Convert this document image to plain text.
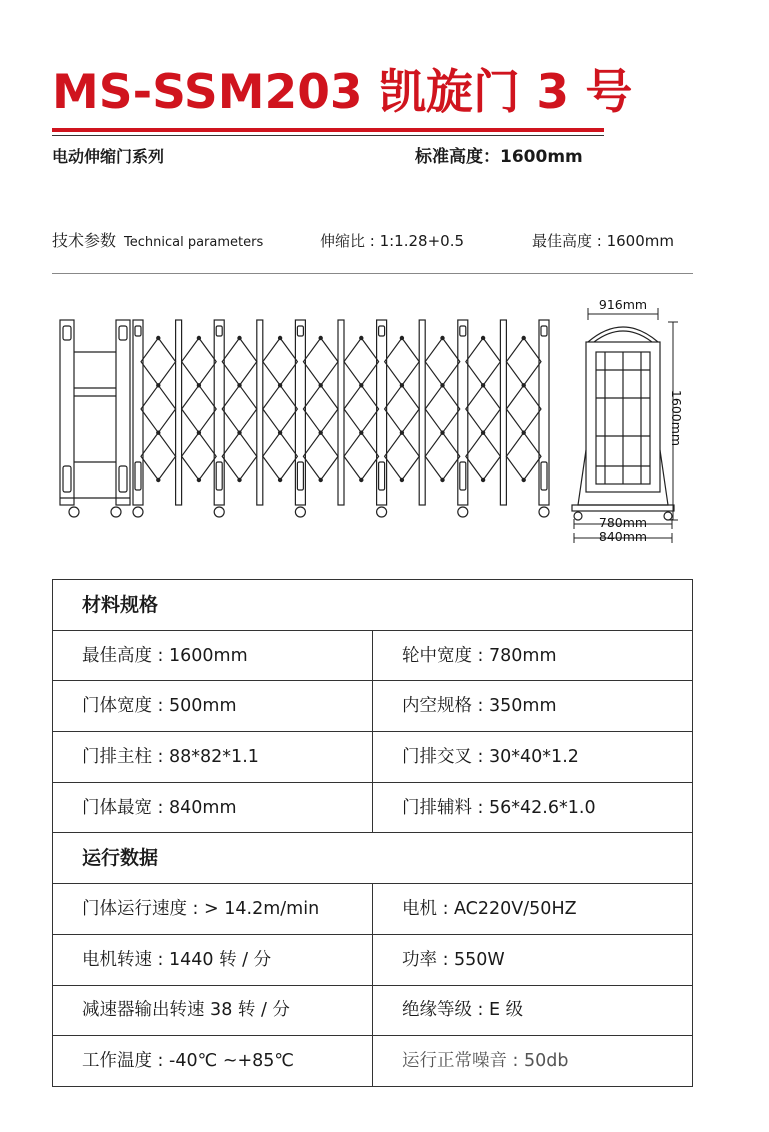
MS-SSM203 凯旋门 3 号
电动伸缩门系列	标准高度：1600mm
技术参数 Technical parameters	伸缩比 : 1:1.28+0.5	最佳高度 : 1600mm
916mm
1600mm
780mm
840mm
材料规格	
最佳高度 : 1600mm	轮中宽度 : 780mm
门体宽度 : 500mm	内空规格 : 350mm
门排主柱 : 88*82*1.1	门排交叉 : 30*40*1.2
门体最宽 : 840mm	门排辅料 : 56*42.6*1.0
运行数据	
门体运行速度 : > 14.2m/min	电机 : AC220V/50HZ
电机转速 : 1440 转 / 分	功率 : 550W
减速器输出转速 38 转 / 分	绝缘等级 : E 级
工作温度 : -40℃ ~+85℃	运行正常噪音 : 50db
